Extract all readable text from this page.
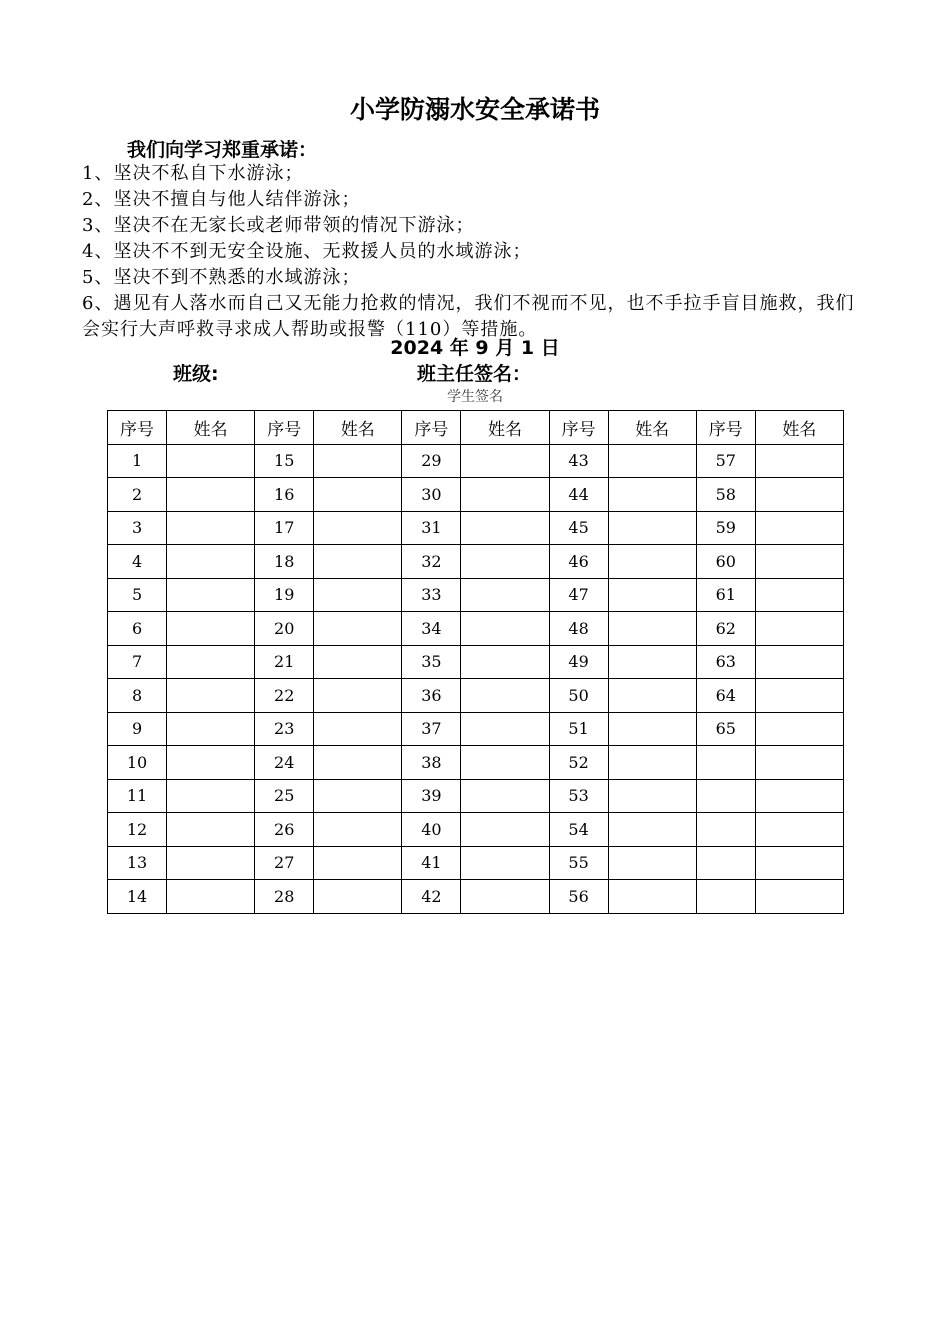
小学防溺水安全承诺书
我们向学习郑重承诺：

1、坚决不私自下水游泳；

2、坚决不擅自与他人结伴游泳；

3、坚决不在无家长或老师带领的情况下游泳；

4、坚决不不到无安全设施、无救援人员的水域游泳；

5、坚决不到不熟悉的水域游泳；

6、遇见有人落水而自己又无能力抢救的情况，我们不视而不见，也不手拉手盲目施救，我们会实行大声呼救寻求成人帮助或报警（110）等措施。

2024 年 9 月 1 日
班级:	班主任签名：
学生签名
序号	姓名	序号	姓名	序号	姓名	序号	姓名	序号	姓名
1		15		29		43		57	
2		16		30		44		58	
3		17		31		45		59	
4		18		32		46		60	
5		19		33		47		61	
6		20		34		48		62	
7		21		35		49		63	
8		22		36		50		64	
9		23		37		51		65	
10		24		38		52			
11		25		39		53			
12		26		40		54			
13		27		41		55			
14		28		42		56			
